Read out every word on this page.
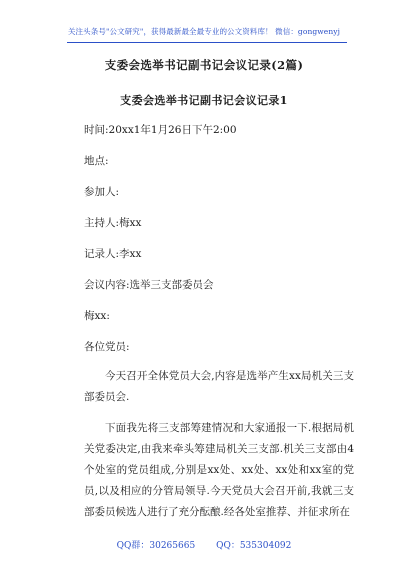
关注头条号"公文研究"，获得最新最全最专业的公文资料库！ 微信：gongwenyj
支委会选举书记副书记会议记录(2篇)
支委会选举书记副书记会议记录1
时间:20xx1年1月26日下午2:00
地点:
参加人:
主持人:梅xx
记录人:李xx
会议内容:选举三支部委员会
梅xx:
各位党员:
今天召开全体党员大会,内容是选举产生xx局机关三支部委员会.
下面我先将三支部筹建情况和大家通报一下.根据局机关党委决定,由我来牵头筹建局机关三支部.机关三支部由4个处室的党员组成,分别是xx处、xx处、xx处和xx室的党员,以及相应的分管局领导.今天党员大会召开前,我就三支部委员候选人进行了充分酝酿.经各处室推荐、并征求所在
QQ群：30265665 QQ：535304092
